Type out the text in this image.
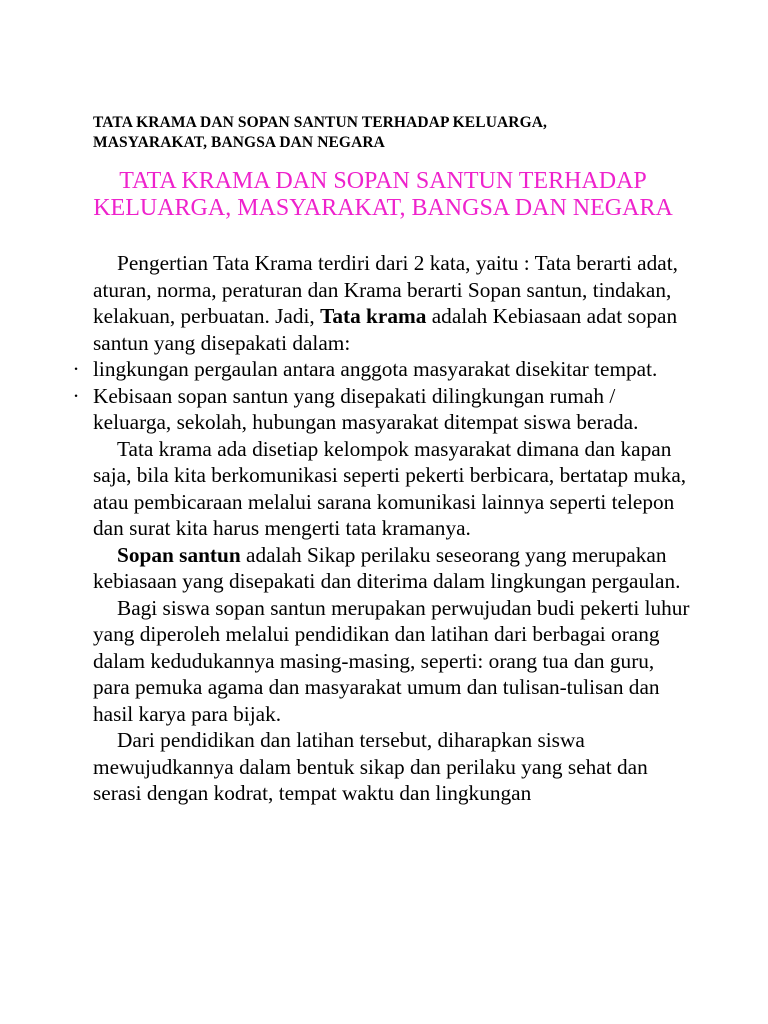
TATA KRAMA DAN SOPAN SANTUN TERHADAP KELUARGA, MASYARAKAT, BANGSA DAN NEGARA
TATA KRAMA DAN SOPAN SANTUN TERHADAP KELUARGA, MASYARAKAT, BANGSA DAN NEGARA

Pengertian Tata Krama terdiri dari 2 kata, yaitu : Tata berarti adat, aturan, norma, peraturan dan Krama berarti Sopan santun, tindakan, kelakuan, perbuatan. Jadi, Tata krama adalah Kebiasaan adat sopan santun yang disepakati dalam:

· lingkungan pergaulan antara anggota masyarakat disekitar tempat.

· Kebisaan sopan santun yang disepakati dilingkungan rumah / keluarga, sekolah, hubungan masyarakat ditempat siswa berada.

Tata krama ada disetiap kelompok masyarakat dimana dan kapan saja, bila kita berkomunikasi seperti pekerti berbicara, bertatap muka, atau pembicaraan melalui sarana komunikasi lainnya seperti telepon dan surat kita harus mengerti tata kramanya.

Sopan santun adalah Sikap perilaku seseorang yang merupakan kebiasaan yang disepakati dan diterima dalam lingkungan pergaulan.

Bagi siswa sopan santun merupakan perwujudan budi pekerti luhur yang diperoleh melalui pendidikan dan latihan dari berbagai orang dalam kedudukannya masing-masing, seperti: orang tua dan guru, para pemuka agama dan masyarakat umum dan tulisan-tulisan dan hasil karya para bijak.

Dari pendidikan dan latihan tersebut, diharapkan siswa mewujudkannya dalam bentuk sikap dan perilaku yang sehat dan serasi dengan kodrat, tempat waktu dan lingkungan
